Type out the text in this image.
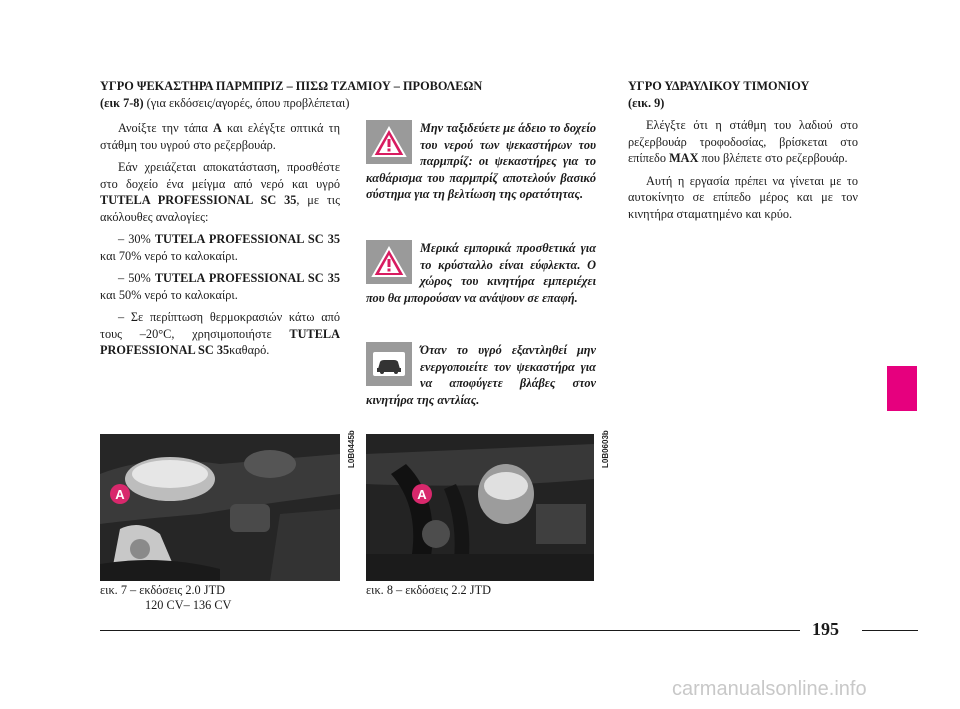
ΥΓΡΟ ΨΕΚΑΣΤΗΡΑ ΠΑΡΜΠΡΙΖ – ΠΙΣΩ ΤΖΑΜΙΟΥ – ΠΡΟΒΟΛΕΩΝ

(εικ 7-8) (για εκδόσεις/αγορές, όπου προβλέπεται)

Ανοίξτε την τάπα A και ελέγξτε οπτικά τη στάθμη του υγρού στο ρεζερβουάρ.

Εάν χρειάζεται αποκατάσταση, προσθέστε στο δοχείο ένα μείγμα από νερό και υγρό TUTELA PROFESSIONAL SC 35, με τις ακόλουθες αναλογίες:

– 30% TUTELA PROFESSIONAL SC 35 και 70% νερό το καλοκαίρι.

– 50% TUTELA PROFESSIONAL SC 35 και 50% νερό το καλοκαίρι.

– Σε περίπτωση θερμοκρασιών κάτω από τους –20°C, χρησιμοποιήστε TUTELA PROFESSIONAL SC 35καθαρό.

Μην ταξιδεύετε με άδειο το δοχείο του νερού των ψεκαστήρων του παρμπρίζ: οι ψεκαστήρες για το καθάρισμα του παρμπρίζ αποτελούν βασικό σύστημα για τη βελτίωση της ορατότητας.

Μερικά εμπορικά προσθετικά για το κρύσταλλο είναι εύφλεκτα. Ο χώρος του κινητήρα εμπεριέχει που θα μπορούσαν να ανάψουν σε επαφή.

Όταν το υγρό εξαντληθεί μην ενεργοποιείτε τον ψεκαστήρα για να αποφύγετε βλάβες στον κινητήρα της αντλίας.

ΥΓΡΟ ΥΔΡΑΥΛΙΚΟΥ ΤΙΜΟΝΙΟΥ

(εικ. 9)

Ελέγξτε ότι η στάθμη του λαδιού στο ρεζερβουάρ τροφοδοσίας, βρίσκεται στο επίπεδο MAX που βλέπετε στο ρεζερβουάρ.

Αυτή η εργασία πρέπει να γίνεται με το αυτοκίνητο σε επίπεδο μέρος και με τον κινητήρα σταματημένο και κρύο.

A
L0B0445b
εικ. 7 – εκδόσεις 2.0 JTD
120 CV– 136 CV
A
L0B0603b
εικ. 8 – εκδόσεις 2.2 JTD
195
carmanualsonline.info
